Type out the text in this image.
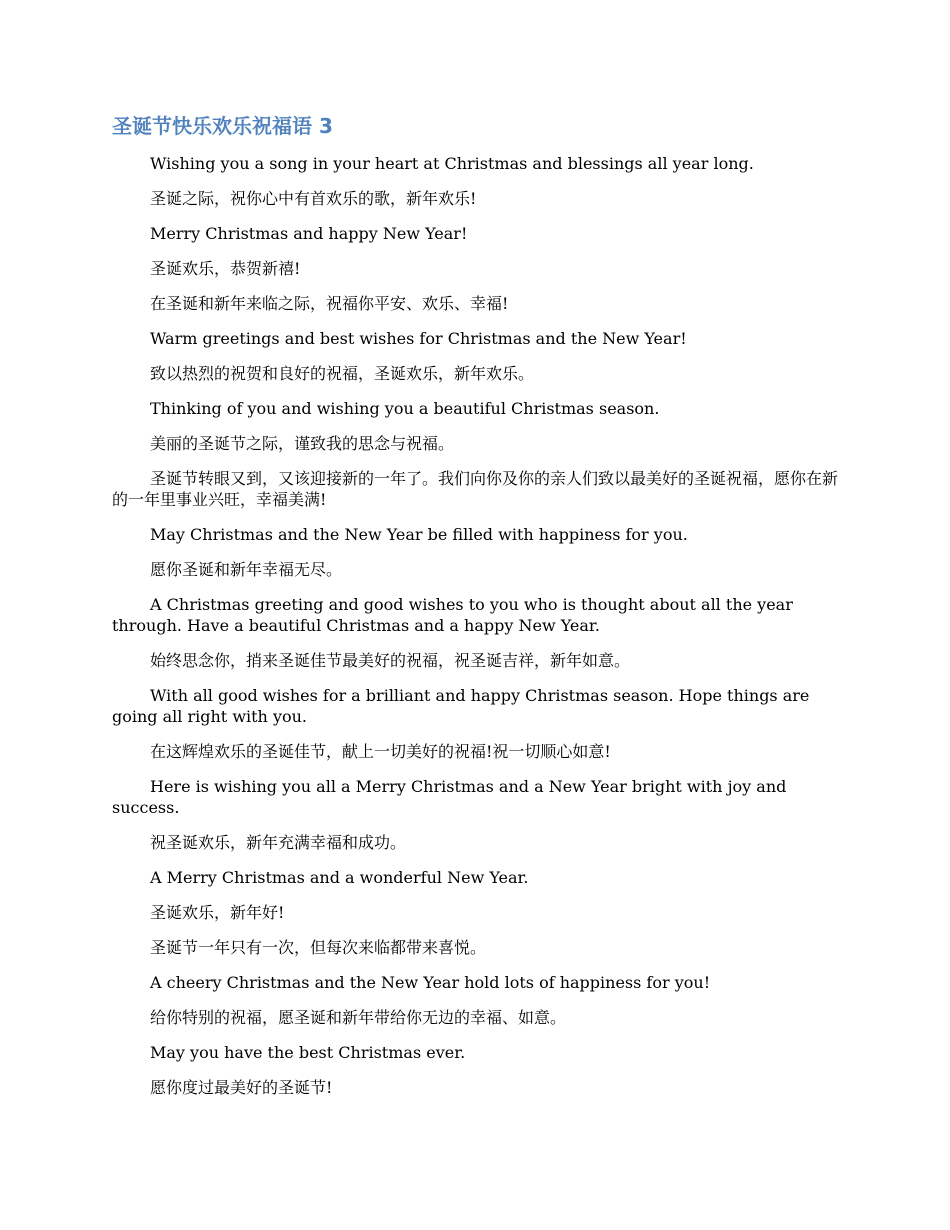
圣诞节快乐欢乐祝福语 3

Wishing you a song in your heart at Christmas and blessings all year long.

圣诞之际，祝你心中有首欢乐的歌，新年欢乐!

Merry Christmas and happy New Year!

圣诞欢乐，恭贺新禧!

在圣诞和新年来临之际，祝福你平安、欢乐、幸福!

Warm greetings and best wishes for Christmas and the New Year!

致以热烈的祝贺和良好的祝福，圣诞欢乐，新年欢乐。

Thinking of you and wishing you a beautiful Christmas season.

美丽的圣诞节之际，谨致我的思念与祝福。

圣诞节转眼又到，又该迎接新的一年了。我们向你及你的亲人们致以最美好的圣诞祝福，愿你在新的一年里事业兴旺，幸福美满!

May Christmas and the New Year be filled with happiness for you.

愿你圣诞和新年幸福无尽。

A Christmas greeting and good wishes to you who is thought about all the year through. Have a beautiful Christmas and a happy New Year.

始终思念你，捎来圣诞佳节最美好的祝福，祝圣诞吉祥，新年如意。

With all good wishes for a brilliant and happy Christmas season. Hope things are going all right with you.

在这辉煌欢乐的圣诞佳节，献上一切美好的祝福!祝一切顺心如意!

Here is wishing you all a Merry Christmas and a New Year bright with joy and success.

祝圣诞欢乐，新年充满幸福和成功。

A Merry Christmas and a wonderful New Year.

圣诞欢乐，新年好!

圣诞节一年只有一次，但每次来临都带来喜悦。

A cheery Christmas and the New Year hold lots of happiness for you!

给你特别的祝福，愿圣诞和新年带给你无边的幸福、如意。

May you have the best Christmas ever.

愿你度过最美好的圣诞节!
